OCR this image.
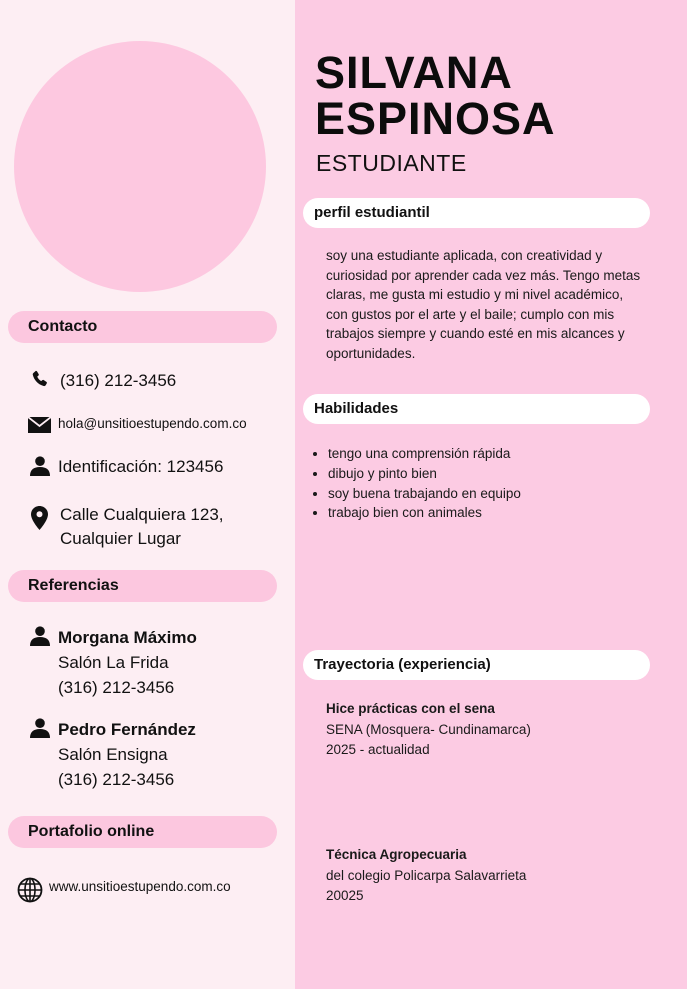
SILVANA
ESPINOSA
ESTUDIANTE
Contacto
(316) 212-3456
hola@unsitioestupendo.com.co
Identificación: 123456
Calle Cualquiera 123,
Cualquier Lugar
Referencias
Morgana Máximo
Salón La Frida
(316) 212-3456
Pedro Fernández
Salón Ensigna
(316) 212-3456
Portafolio online
www.unsitioestupendo.com.co
perfil estudiantil
soy una estudiante aplicada, con creatividad y curiosidad por aprender cada vez más. Tengo metas claras, me gusta mi estudio y mi nivel académico, con gustos por el arte y el baile; cumplo con mis trabajos siempre y cuando esté en mis alcances y oportunidades.
Habilidades
• tengo una comprensión rápida
• dibujo y pinto bien
• soy buena trabajando en equipo
• trabajo bien con animales
Trayectoria (experiencia)
Hice prácticas con el sena
SENA (Mosquera- Cundinamarca)
2025 - actualidad
Técnica Agropecuaria
del colegio Policarpa Salavarrieta
20025
